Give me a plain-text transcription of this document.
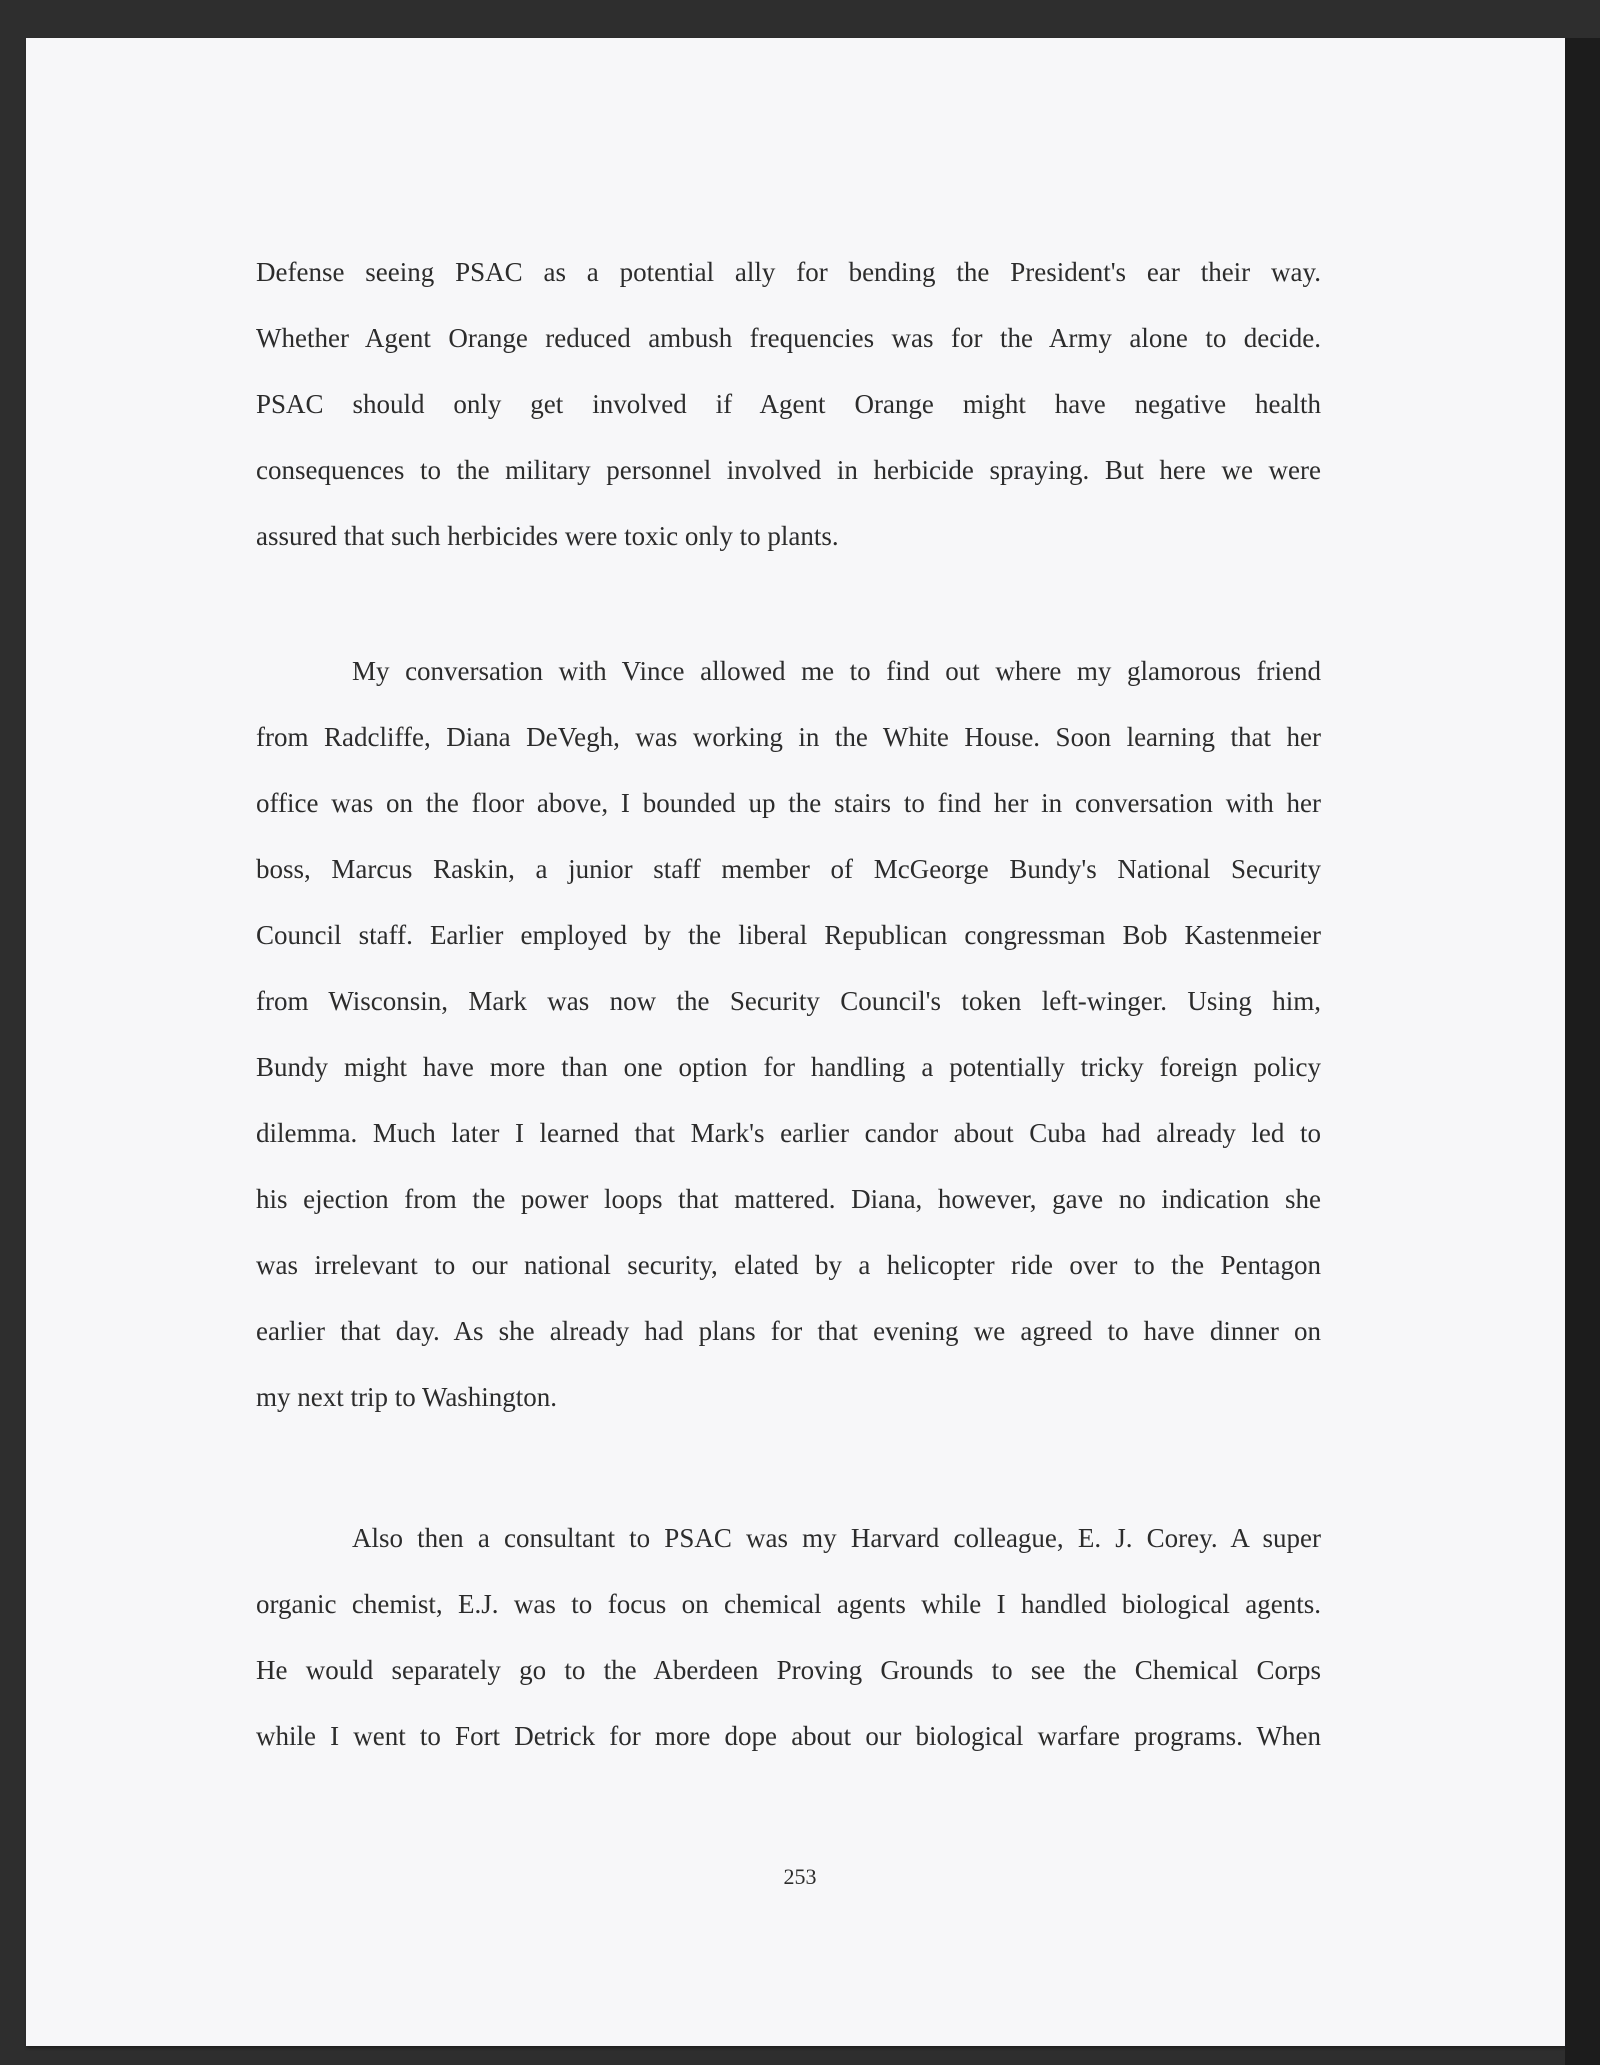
Defense seeing PSAC as a potential ally for bending the President's ear their way.
Whether Agent Orange reduced ambush frequencies was for the Army alone to decide.
PSAC should only get involved if Agent Orange might have negative health
consequences to the military personnel involved in herbicide spraying. But here we were
assured that such herbicides were toxic only to plants.
My conversation with Vince allowed me to find out where my glamorous friend
from Radcliffe, Diana DeVegh, was working in the White House. Soon learning that her
office was on the floor above, I bounded up the stairs to find her in conversation with her
boss, Marcus Raskin, a junior staff member of McGeorge Bundy's National Security
Council staff. Earlier employed by the liberal Republican congressman Bob Kastenmeier
from Wisconsin, Mark was now the Security Council's token left-winger. Using him,
Bundy might have more than one option for handling a potentially tricky foreign policy
dilemma. Much later I learned that Mark's earlier candor about Cuba had already led to
his ejection from the power loops that mattered. Diana, however, gave no indication she
was irrelevant to our national security, elated by a helicopter ride over to the Pentagon
earlier that day. As she already had plans for that evening we agreed to have dinner on
my next trip to Washington.
Also then a consultant to PSAC was my Harvard colleague, E. J. Corey. A super
organic chemist, E.J. was to focus on chemical agents while I handled biological agents.
He would separately go to the Aberdeen Proving Grounds to see the Chemical Corps
while I went to Fort Detrick for more dope about our biological warfare programs. When
253
